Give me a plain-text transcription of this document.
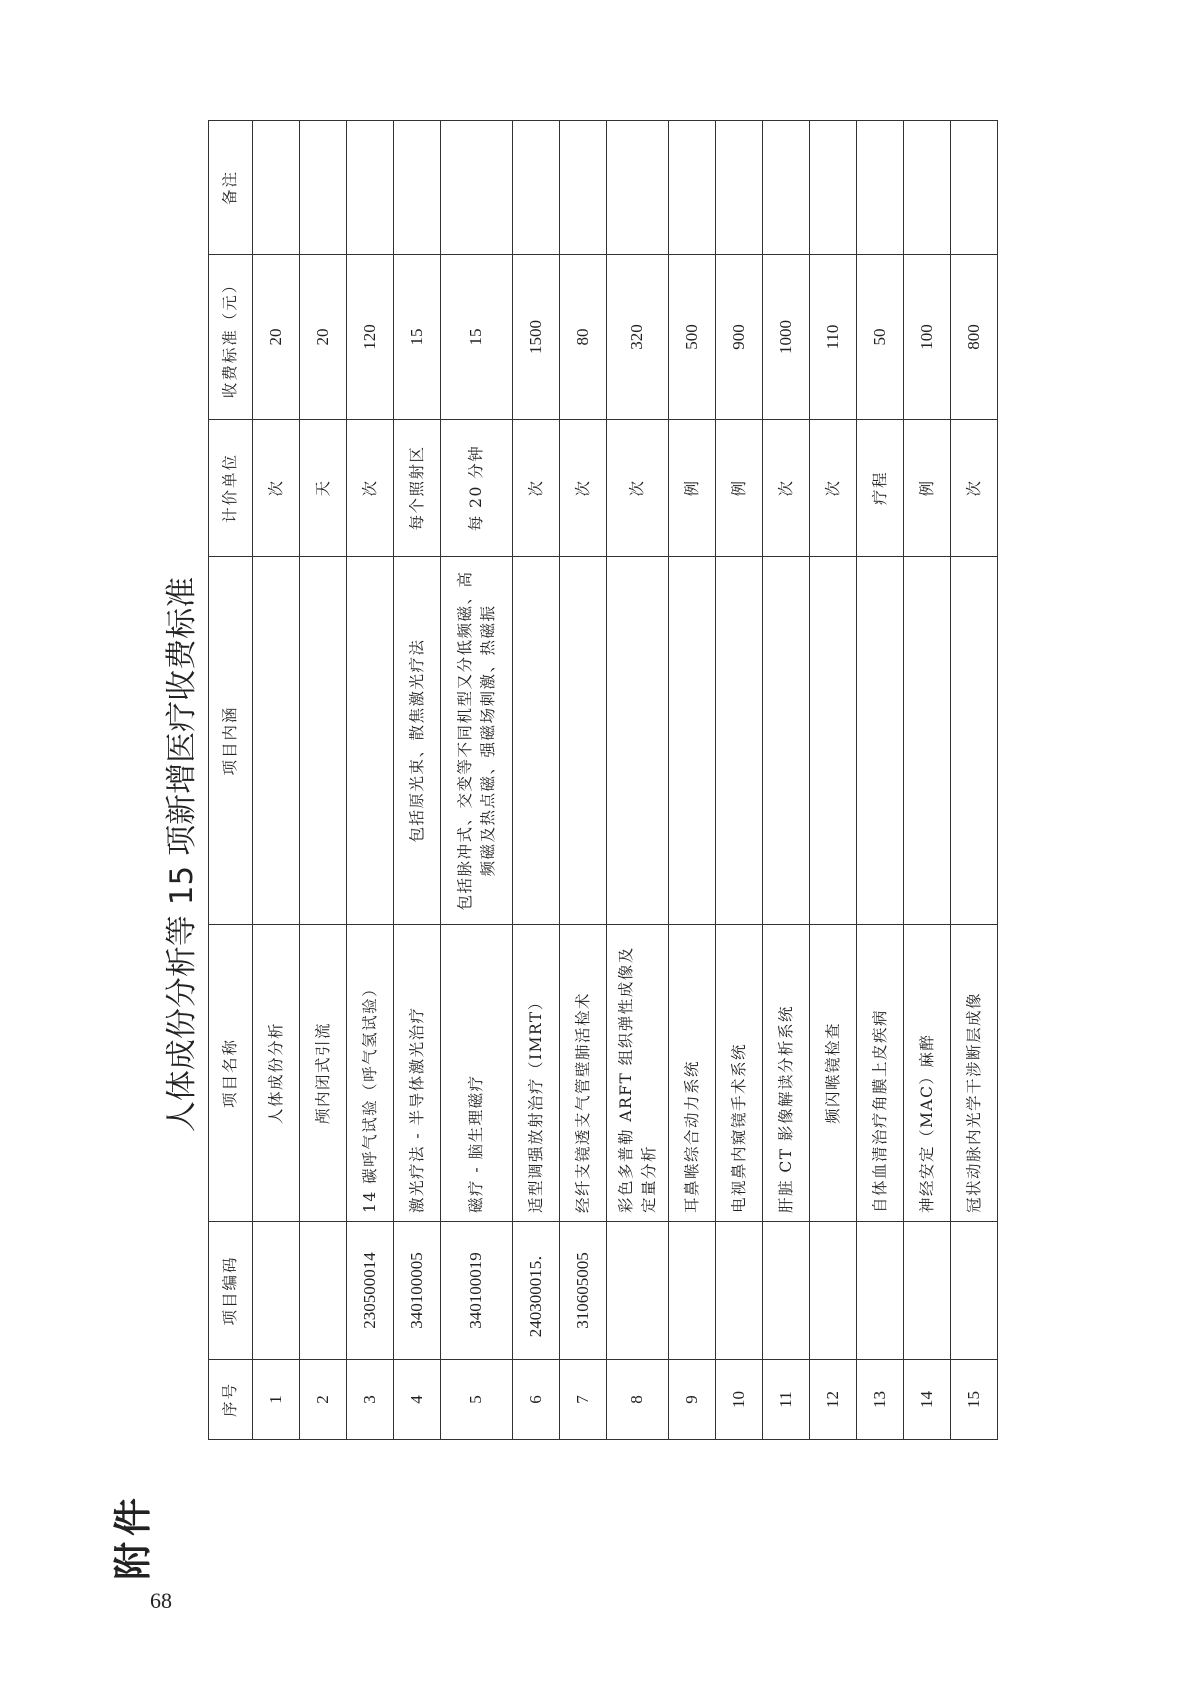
68
附件
人体成份分析等 15 项新增医疗收费标准
序号	项目编码	项目名称	项目内涵	计价单位	收费标准（元）	备注
1		人体成份分析		次	20	
2		颅内闭式引流		天	20	
3	230500014	14 碳呼气试验（呼气氢试验）		次	120	
4	340100005	激光疗法 - 半导体激光治疗	包括原光束、散焦激光疗法	每个照射区	15	
5	340100019	磁疗 - 脑生理磁疗	包括脉冲式、交变等不同机型又分低频磁、高频磁及热点磁、强磁场刺激、热磁振	每 20 分钟	15	
6	240300015．	适型调强放射治疗（IMRT）		次	1500	
7	310605005	经纤支镜透支气管壁肺活检术		次	80	
8		彩色多普勒 ARFT 组织弹性成像及定量分析		次	320	
9		耳鼻喉综合动力系统		例	500	
10		电视鼻内窥镜手术系统		例	900	
11		肝脏 CT 影像解读分析系统		次	1000	
12		频闪喉镜检查		次	110	
13		自体血清治疗角膜上皮疾病		疗程	50	
14		神经安定（MAC）麻醉		例	100	
15		冠状动脉内光学干涉断层成像		次	800	
